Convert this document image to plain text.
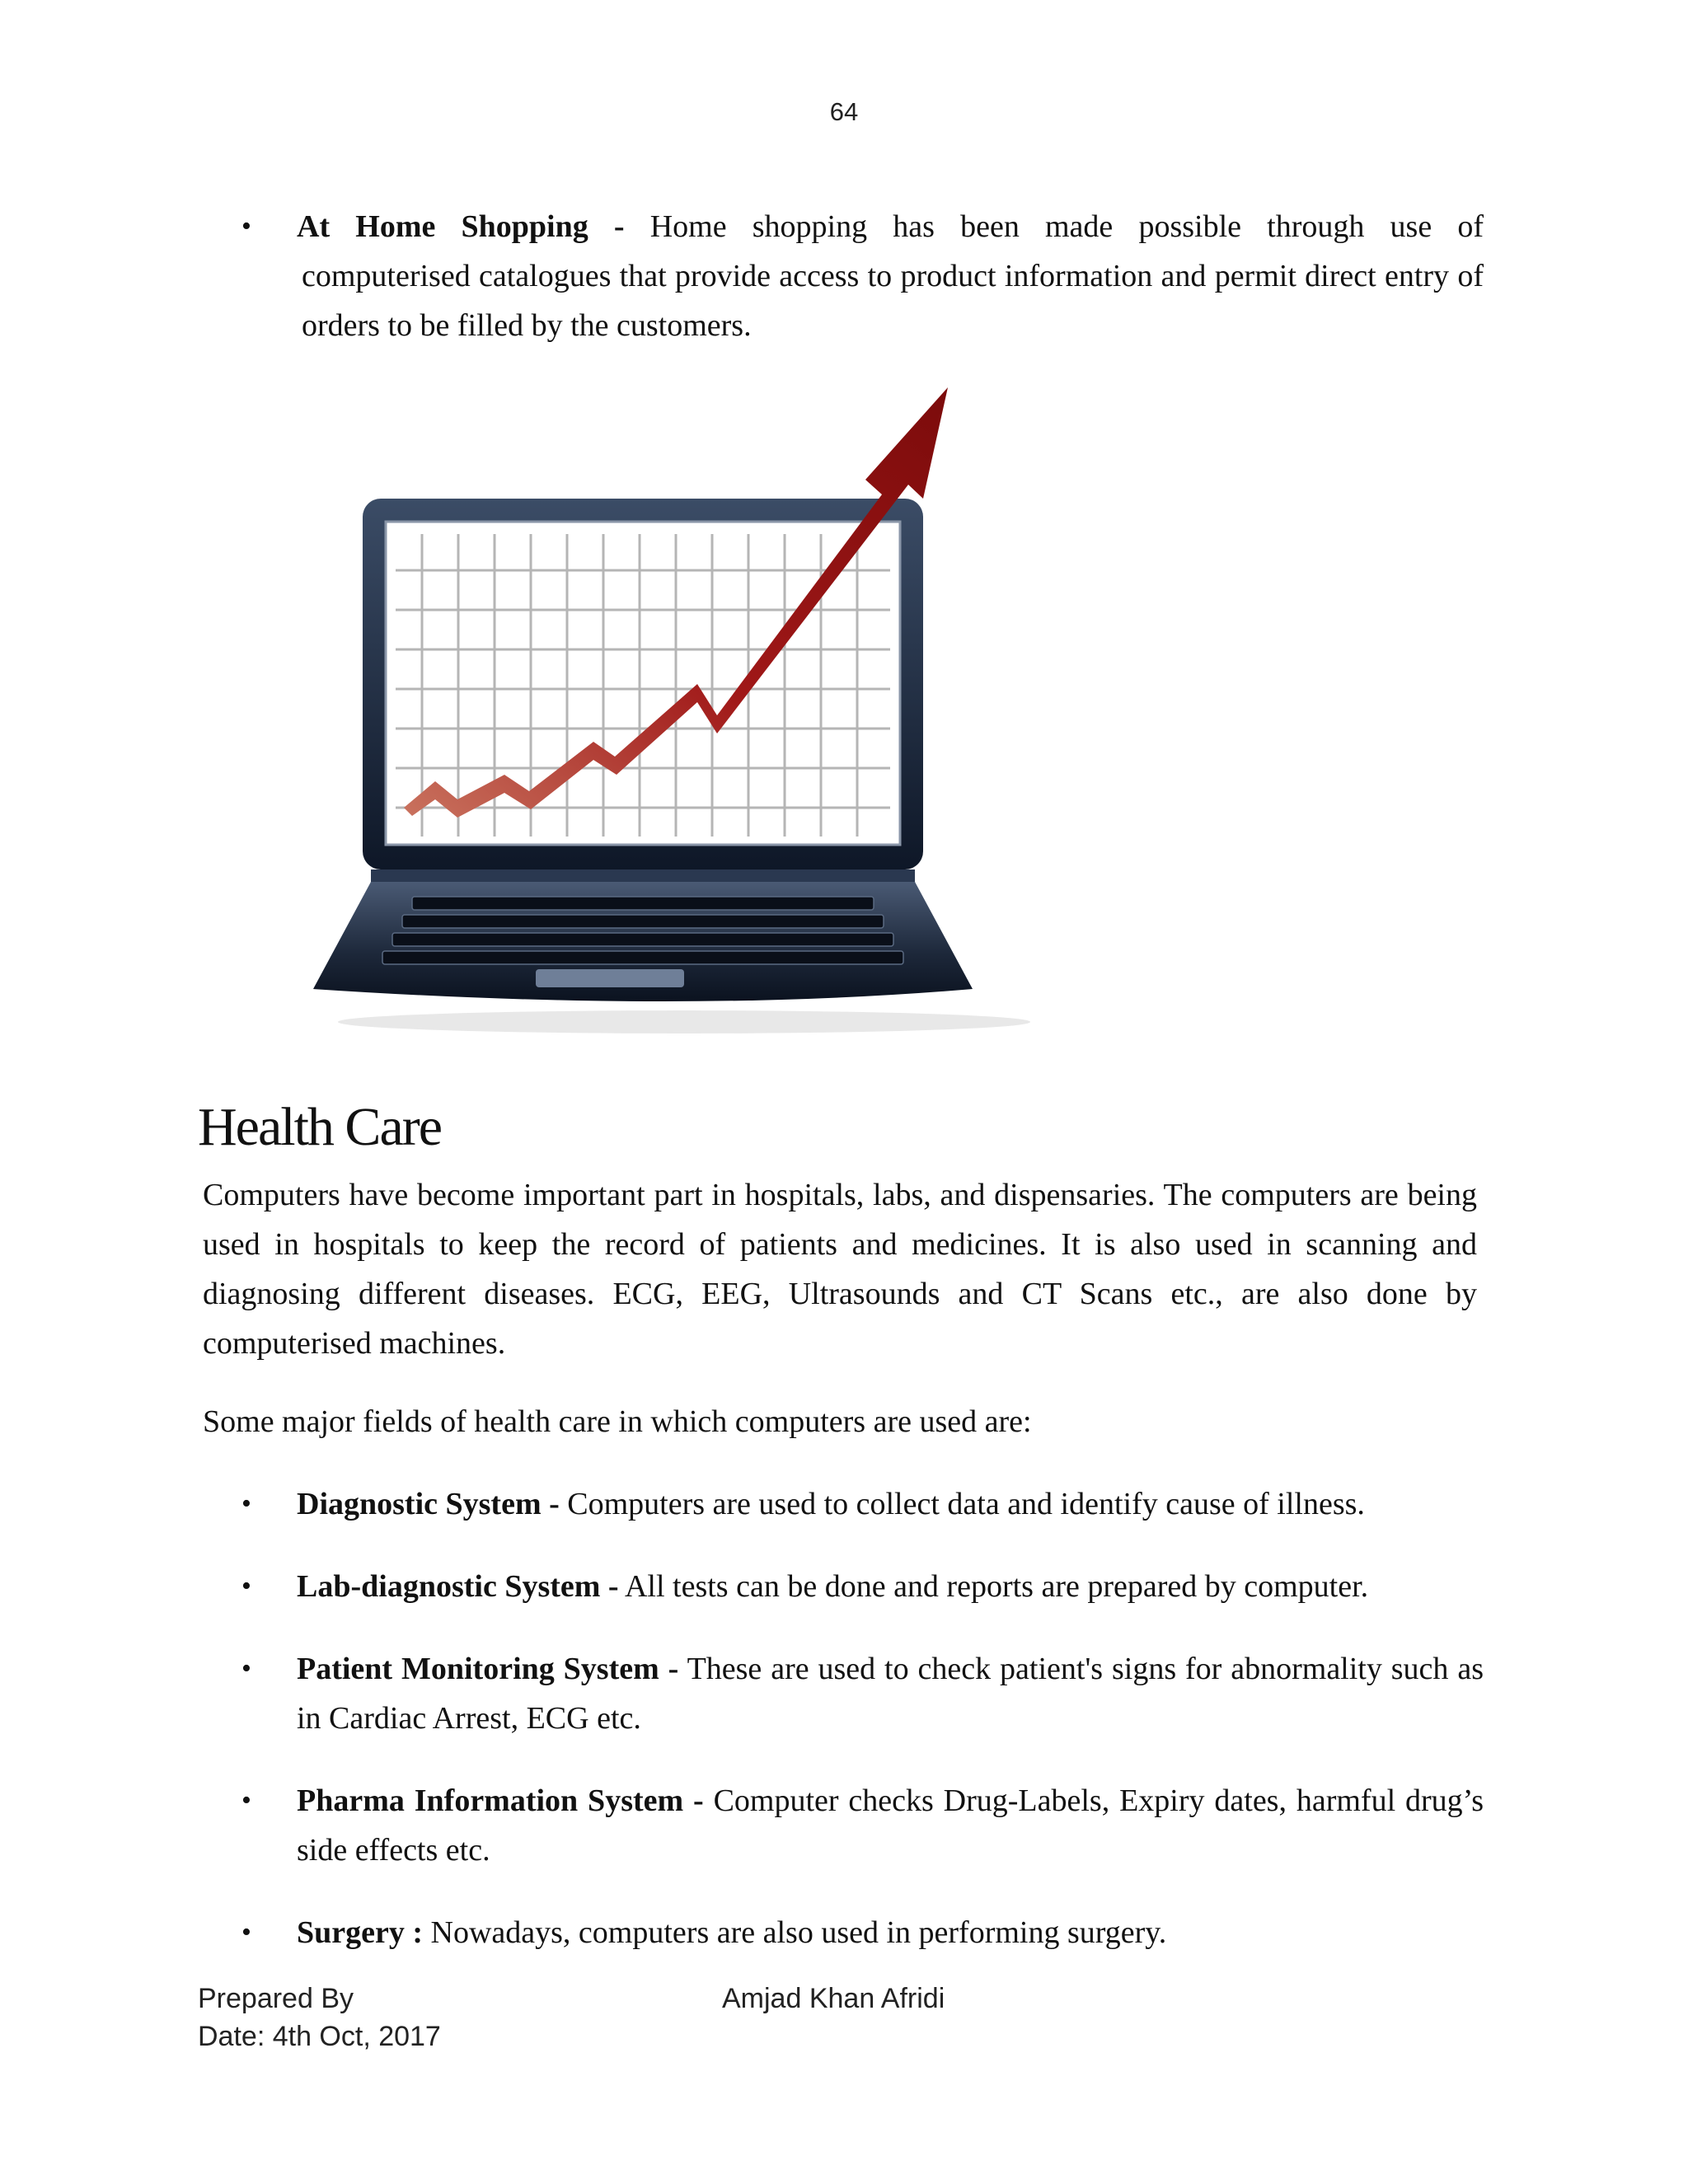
64
• At Home Shopping - Home shopping has been made possible through use of
computerised catalogues that provide access to product information and permit direct entry of orders to be filled by the customers.
Health Care
Computers have become important part in hospitals, labs, and dispensaries. The computers are being used in hospitals to keep the record of patients and medicines. It is also used in scanning and diagnosing different diseases. ECG, EEG, Ultrasounds and CT Scans etc., are also done by computerised machines.
Some major fields of health care in which computers are used are:
• Diagnostic System - Computers are used to collect data and identify cause of illness.
• Lab-diagnostic System - All tests can be done and reports are prepared by computer.
• Patient Monitoring System - These are used to check patient's signs for abnormality such as in Cardiac Arrest, ECG etc.
• Pharma Information System - Computer checks Drug-Labels, Expiry dates, harmful drug’s side effects etc.
• Surgery : Nowadays, computers are also used in performing surgery.
Prepared By	Amjad Khan Afridi
Date: 4th Oct, 2017
